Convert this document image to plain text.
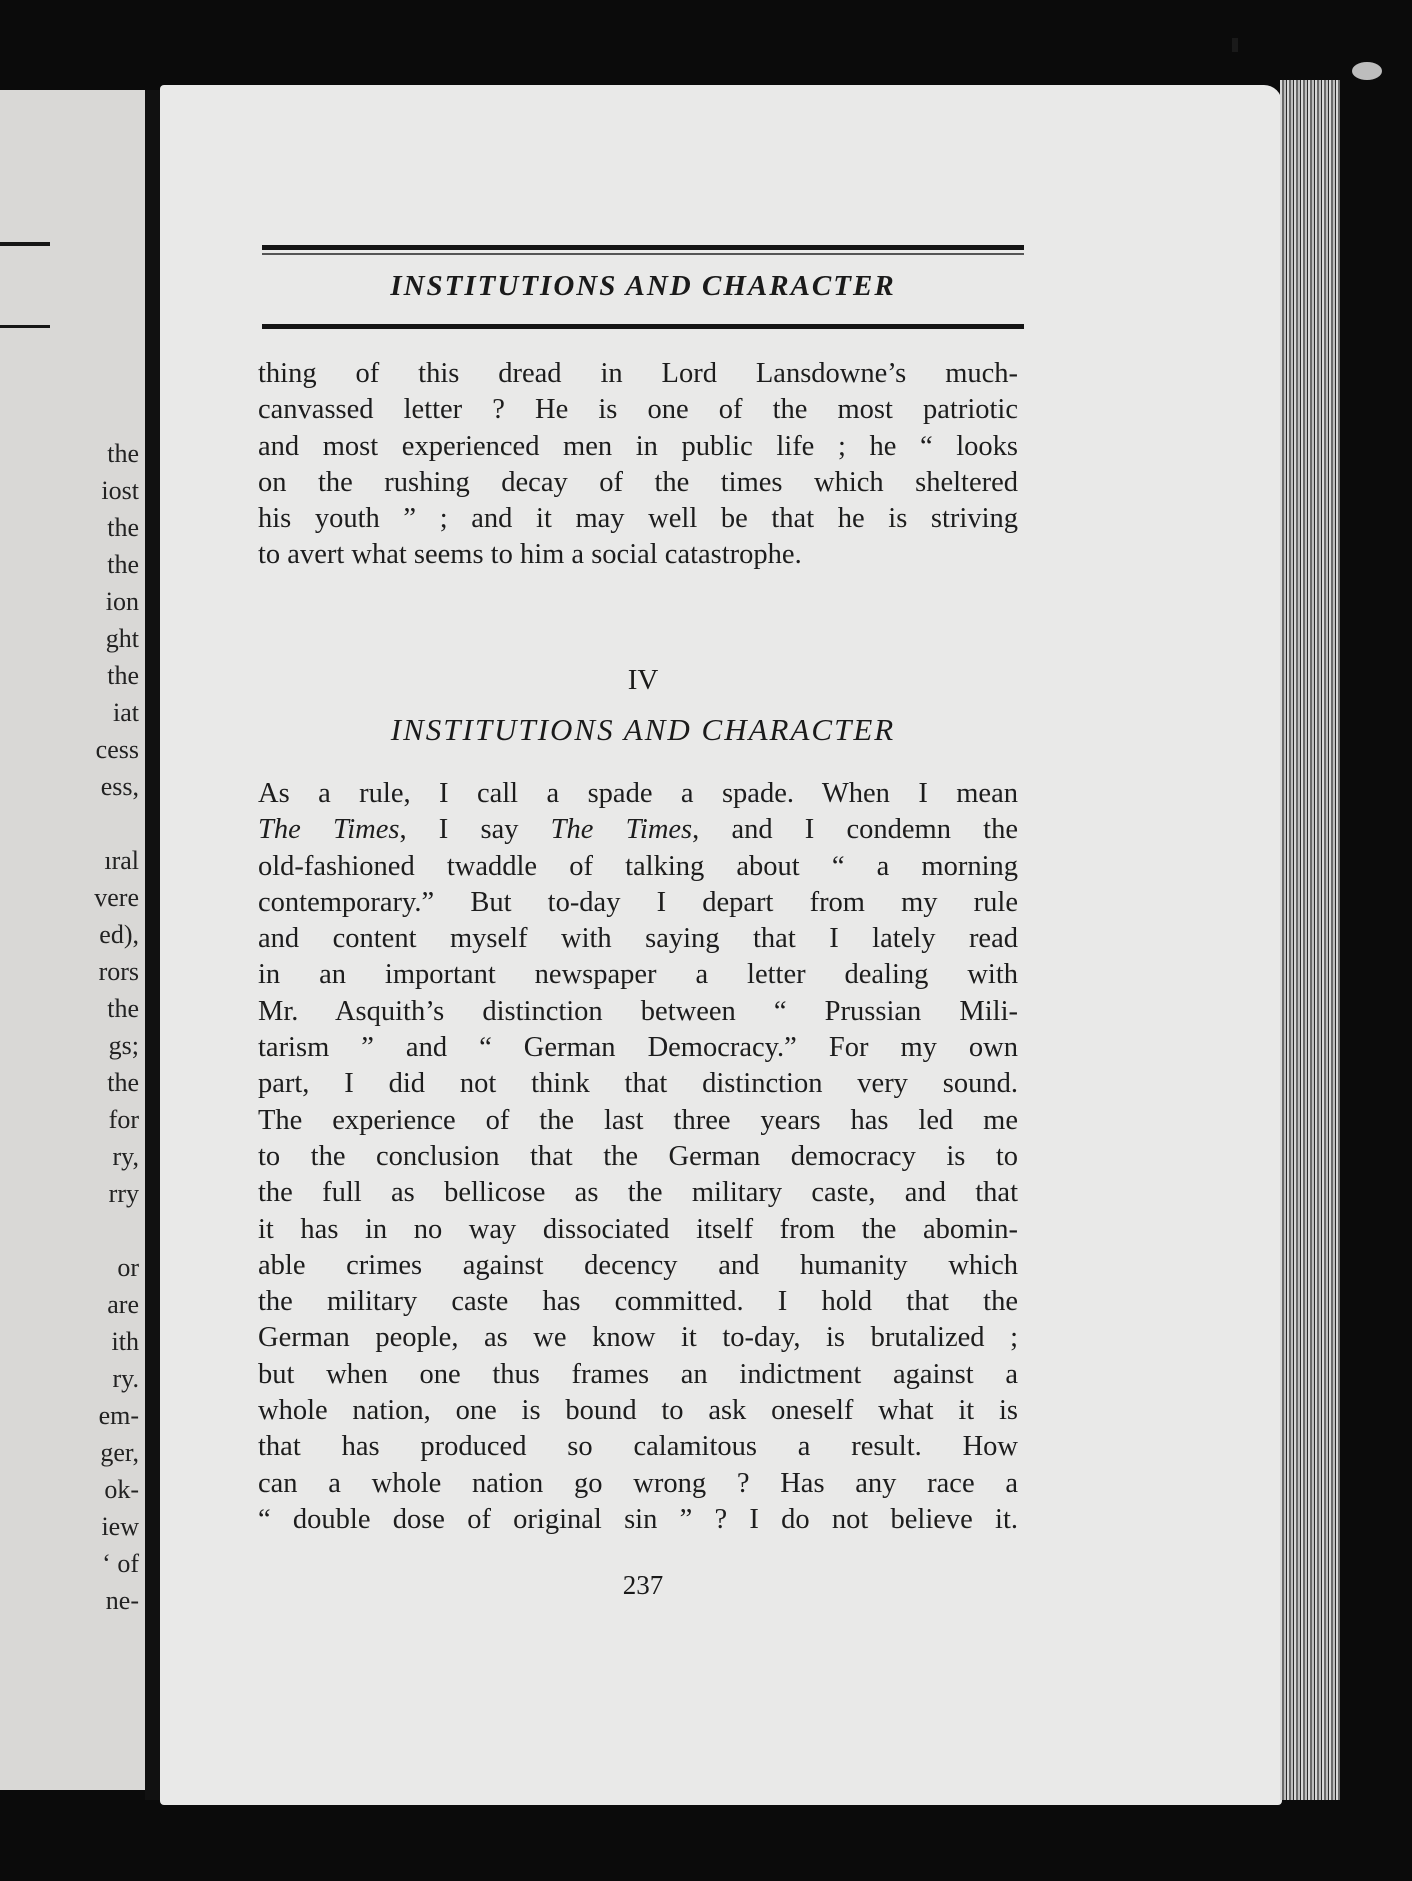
the
iost
the
the
ion
ght
the
iat
cess
ess,

ıral
vere
ed),
rors
the
gs;
the
for
ry,
rry

or
are
ith
ry.
em-
ger,
ok-
iew
‘ of
ne-
INSTITUTIONS AND CHARACTER
thing of this dread in Lord Lansdowne’s much-
canvassed letter ? He is one of the most patriotic
and most experienced men in public life ; he “ looks
on the rushing decay of the times which sheltered
his youth ” ; and it may well be that he is striving
to avert what seems to him a social catastrophe.
IV
INSTITUTIONS AND CHARACTER
As a rule, I call a spade a spade. When I mean
The Times, I say The Times, and I condemn the
old-fashioned twaddle of talking about “ a morning
contemporary.” But to-day I depart from my rule
and content myself with saying that I lately read
in an important newspaper a letter dealing with
Mr. Asquith’s distinction between “ Prussian Mili-
tarism ” and “ German Democracy.” For my own
part, I did not think that distinction very sound.
The experience of the last three years has led me
to the conclusion that the German democracy is to
the full as bellicose as the military caste, and that
it has in no way dissociated itself from the abomin-
able crimes against decency and humanity which
the military caste has committed. I hold that the
German people, as we know it to-day, is brutalized ;
but when one thus frames an indictment against a
whole nation, one is bound to ask oneself what it is
that has produced so calamitous a result. How
can a whole nation go wrong ? Has any race a
“ double dose of original sin ” ? I do not believe it.
237
